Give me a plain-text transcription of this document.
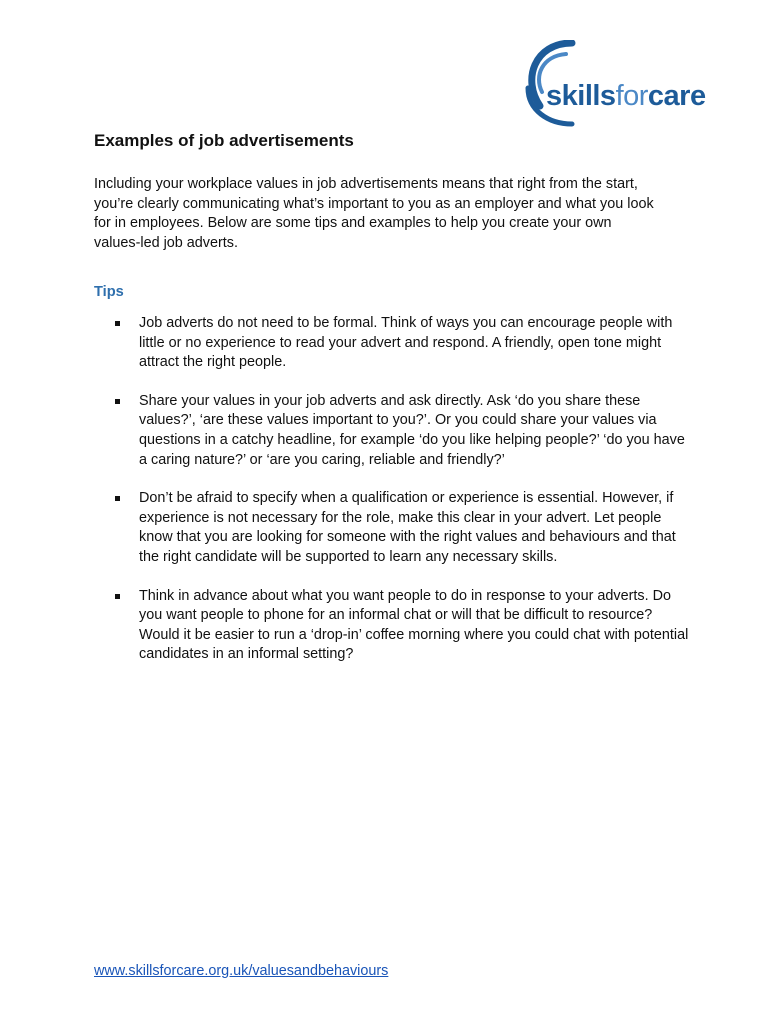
skillsforcare
Examples of job advertisements

Including your workplace values in job advertisements means that right from the start, you’re clearly communicating what’s important to you as an employer and what you look for in employees. Below are some tips and examples to help you create your own values-led job adverts.

Tips
Job adverts do not need to be formal. Think of ways you can encourage people with little or no experience to read your advert and respond. A friendly, open tone might attract the right people.
Share your values in your job adverts and ask directly. Ask ‘do you share these values?’, ‘are these values important to you?’. Or you could share your values via questions in a catchy headline, for example ‘do you like helping people?’ ‘do you have a caring nature?’ or ‘are you caring, reliable and friendly?’
Don’t be afraid to specify when a qualification or experience is essential. However, if experience is not necessary for the role, make this clear in your advert. Let people know that you are looking for someone with the right values and behaviours and that the right candidate will be supported to learn any necessary skills.
Think in advance about what you want people to do in response to your adverts. Do you want people to phone for an informal chat or will that be difficult to resource? Would it be easier to run a ‘drop-in’ coffee morning where you could chat with potential candidates in an informal setting?
www.skillsforcare.org.uk/valuesandbehaviours
